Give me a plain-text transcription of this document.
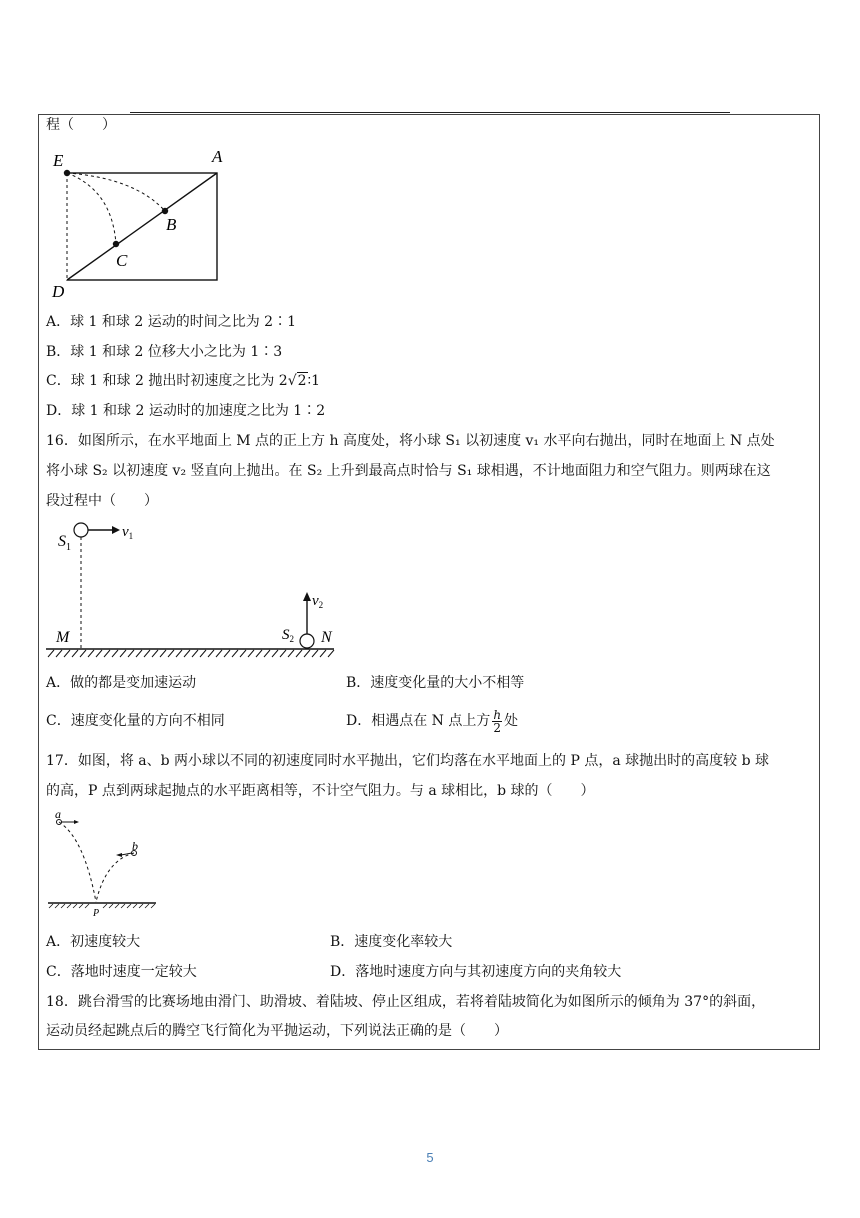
程（　　）
E	A
B
C
D
A．球 1 和球 2 运动的时间之比为 2∶1
B．球 1 和球 2 位移大小之比为 1∶3
C．球 1 和球 2 抛出时初速度之比为 2√2∶1
D．球 1 和球 2 运动时的加速度之比为 1∶2
16．如图所示，在水平地面上 M 点的正上方 h 高度处，将小球 S₁ 以初速度 v₁ 水平向右抛出，同时在地面上 N 点处
将小球 S₂ 以初速度 v₂ 竖直向上抛出。在 S₂ 上升到最高点时恰与 S₁ 球相遇，不计地面阻力和空气阻力。则两球在这
段过程中（　　）
$S_1$
$v_1$
$v_2$
M	$S_2$ N
A．做的都是变加速运动	B．速度变化量的大小不相等
C．速度变化量的方向不相同	D．相遇点在 N 点上方 $\frac{h}{2}$ 处
17．如图，将 a、b 两小球以不同的初速度同时水平抛出，它们均落在水平地面上的 P 点，a 球抛出时的高度较 b 球
的高，P 点到两球起抛点的水平距离相等，不计空气阻力。与 a 球相比，b 球的（　　）
a
b
P
A．初速度较大	B．速度变化率较大
C．落地时速度一定较大	D．落地时速度方向与其初速度方向的夹角较大
18．跳台滑雪的比赛场地由滑门、助滑坡、着陆坡、停止区组成，若将着陆坡简化为如图所示的倾角为 37°的斜面，
运动员经起跳点后的腾空飞行简化为平抛运动，下列说法正确的是（　　）
5
